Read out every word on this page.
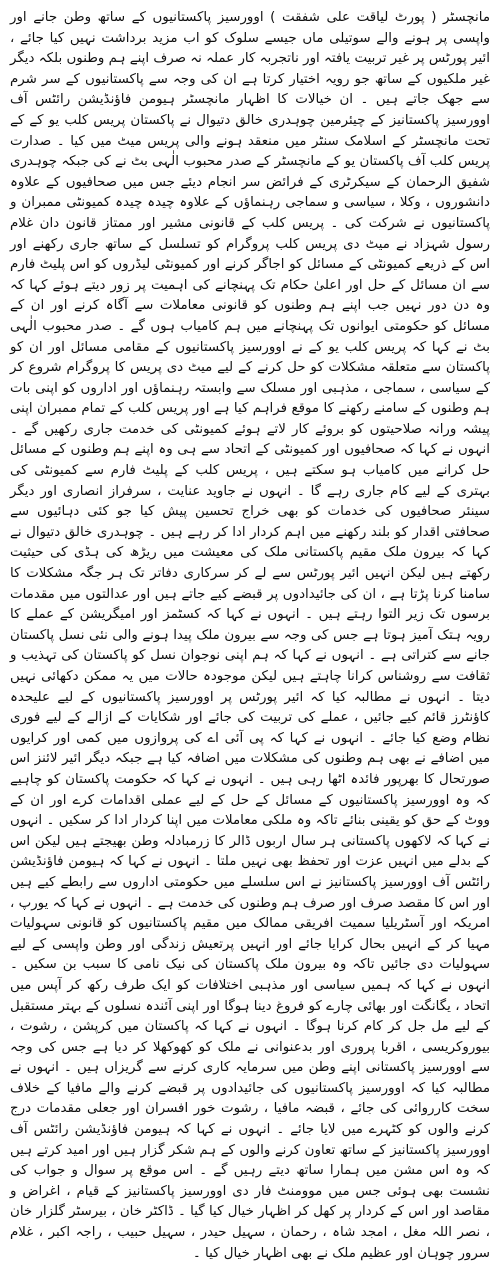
مانچسٹر ( پورٹ لیاقت علی شفقت ) اوورسیز پاکستانیوں کے ساتھ وطن جانے اور واپسی پر ہونے والے سوتیلی ماں جیسے سلوک کو اب مزید برداشت نہیں کیا جائے ، ائیر پورٹس پر غیر تربیت یافتہ اور ناتجربہ کار عملہ نہ صرف اپنے ہم وطنوں بلکہ دیگر غیر ملکیوں کے ساتھ جو رویہ اختیار کرتا ہے ان کی وجہ سے پاکستانیوں کے سر شرم سے جھک جاتے ہیں ۔ ان خیالات کا اظہار مانچسٹر ہیومن فاؤنڈیشن رائٹس آف اوورسیز پاکستانیز کے چیئرمین چوہدری خالق دتیوال نے پاکستان پریس کلب یو کے کے تحت مانچسٹر کے اسلامک سنٹر میں منعقد ہونے والی پریس میٹ میں کیا ۔ صدارت پریس کلب آف پاکستان یو کے مانچسٹر کے صدر محبوب الٰہی بٹ نے کی جبکہ چوہدری شفیق الرحمان کے سیکرٹری کے فرائض سر انجام دیئے جس میں صحافیوں کے علاوہ دانشوروں ، وکلا ، سیاسی و سماجی رہنماؤں کے علاوہ چیدہ چیدہ کمیونٹی ممبران و پاکستانیوں نے شرکت کی ۔ پریس کلب کے قانونی مشیر اور ممتاز قانون دان غلام رسول شہزاد نے میٹ دی پریس کلب پروگرام کو تسلسل کے ساتھ جاری رکھنے اور اس کے ذریعے کمیونٹی کے مسائل کو اجاگر کرنے اور کمیونٹی لیڈروں کو اس پلیٹ فارم سے ان مسائل کے حل اور اعلیٰ حکام تک پہنچانے کی اہمیت پر زور دیتے ہوئے کہا کہ وہ دن دور نہیں جب اپنے ہم وطنوں کو قانونی معاملات سے آگاہ کرنے اور ان کے مسائل کو حکومتی ایوانوں تک پہنچانے میں ہم کامیاب ہوں گے ۔ صدر محبوب الٰہی بٹ نے کہا کہ پریس کلب یو کے نے اوورسیز پاکستانیوں کے مقامی مسائل اور ان کو پاکستان سے متعلقہ مشکلات کو حل کرنے کے لیے میٹ دی پریس کا پروگرام شروع کر کے سیاسی ، سماجی ، مذہبی اور مسلک سے وابستہ رہنماؤں اور اداروں کو اپنی بات ہم وطنوں کے سامنے رکھنے کا موقع فراہم کیا ہے اور پریس کلب کے تمام ممبران اپنی پیشہ ورانہ صلاحیتوں کو بروئے کار لاتے ہوئے کمیونٹی کی خدمت جاری رکھیں گے ۔ انہوں نے کہا کہ صحافیوں اور کمیونٹی کے اتحاد سے ہی وہ اپنے ہم وطنوں کے مسائل حل کرانے میں کامیاب ہو سکتے ہیں ، پریس کلب کے پلیٹ فارم سے کمیونٹی کی بہتری کے لیے کام جاری رہے گا ۔ انہوں نے جاوید عنایت ، سرفراز انصاری اور دیگر سینئر صحافیوں کی خدمات کو بھی خراج تحسین پیش کیا جو کئی دہائیوں سے صحافتی اقدار کو بلند رکھنے میں اہم کردار ادا کر رہے ہیں ۔ چوہدری خالق دتیوال نے کہا کہ بیرون ملک مقیم پاکستانی ملک کی معیشت میں ریڑھ کی ہڈی کی حیثیت رکھتے ہیں لیکن انہیں ائیر پورٹس سے لے کر سرکاری دفاتر تک ہر جگہ مشکلات کا سامنا کرنا پڑتا ہے ، ان کی جائیدادوں پر قبضے کیے جاتے ہیں اور عدالتوں میں مقدمات برسوں تک زیر التوا رہتے ہیں ۔ انہوں نے کہا کہ کسٹمز اور امیگریشن کے عملے کا رویہ ہتک آمیز ہوتا ہے جس کی وجہ سے بیرون ملک پیدا ہونے والی نئی نسل پاکستان جانے سے کتراتی ہے ۔ انہوں نے کہا کہ ہم اپنی نوجوان نسل کو پاکستان کی تہذیب و ثقافت سے روشناس کرانا چاہتے ہیں لیکن موجودہ حالات میں یہ ممکن دکھائی نہیں دیتا ۔ انہوں نے مطالبہ کیا کہ ائیر پورٹس پر اوورسیز پاکستانیوں کے لیے علیحدہ کاؤنٹرز قائم کیے جائیں ، عملے کی تربیت کی جائے اور شکایات کے ازالے کے لیے فوری نظام وضع کیا جائے ۔ انہوں نے کہا کہ پی آئی اے کی پروازوں میں کمی اور کرایوں میں اضافے نے بھی ہم وطنوں کی مشکلات میں اضافہ کیا ہے جبکہ دیگر ائیر لائنز اس صورتحال کا بھرپور فائدہ اٹھا رہی ہیں ۔ انہوں نے کہا کہ حکومت پاکستان کو چاہیے کہ وہ اوورسیز پاکستانیوں کے مسائل کے حل کے لیے عملی اقدامات کرے اور ان کے ووٹ کے حق کو یقینی بنائے تاکہ وہ ملکی معاملات میں اپنا کردار ادا کر سکیں ۔ انہوں نے کہا کہ لاکھوں پاکستانی ہر سال اربوں ڈالر کا زرمبادلہ وطن بھیجتے ہیں لیکن اس کے بدلے میں انہیں عزت اور تحفظ بھی نہیں ملتا ۔ انہوں نے کہا کہ ہیومن فاؤنڈیشن رائٹس آف اوورسیز پاکستانیز نے اس سلسلے میں حکومتی اداروں سے رابطے کیے ہیں اور اس کا مقصد صرف اور صرف ہم وطنوں کی خدمت ہے ۔ انہوں نے کہا کہ یورپ ، امریکہ اور آسٹریلیا سمیت افریقی ممالک میں مقیم پاکستانیوں کو قانونی سہولیات مہیا کر کے انہیں بحال کرایا جائے اور انہیں پرتعیش زندگی اور وطن واپسی کے لیے سہولیات دی جائیں تاکہ وہ بیرون ملک پاکستان کی نیک نامی کا سبب بن سکیں ۔ انہوں نے کہا کہ ہمیں سیاسی اور مذہبی اختلافات کو ایک طرف رکھ کر آپس میں اتحاد ، یگانگت اور بھائی چارے کو فروغ دینا ہوگا اور اپنی آئندہ نسلوں کے بہتر مستقبل کے لیے مل جل کر کام کرنا ہوگا ۔ انہوں نے کہا کہ پاکستان میں کرپشن ، رشوت ، بیوروکریسی ، اقربا پروری اور بدعنوانی نے ملک کو کھوکھلا کر دیا ہے جس کی وجہ سے اوورسیز پاکستانی اپنے وطن میں سرمایہ کاری کرنے سے گریزاں ہیں ۔ انہوں نے مطالبہ کیا کہ اوورسیز پاکستانیوں کی جائیدادوں پر قبضے کرنے والے مافیا کے خلاف سخت کارروائی کی جائے ، قبضہ مافیا ، رشوت خور افسران اور جعلی مقدمات درج کرنے والوں کو کٹہرے میں لایا جائے ۔ انہوں نے کہا کہ ہیومن فاؤنڈیشن رائٹس آف اوورسیز پاکستانیز کے ساتھ تعاون کرنے والوں کے ہم شکر گزار ہیں اور امید کرتے ہیں کہ وہ اس مشن میں ہمارا ساتھ دیتے رہیں گے ۔ اس موقع پر سوال و جواب کی نشست بھی ہوئی جس میں موومنٹ فار دی اوورسیز پاکستانیز کے قیام ، اغراض و مقاصد اور اس کے کردار پر کھل کر اظہار خیال کیا گیا ۔ ڈاکٹر خان ، بیرسٹر گلزار خان ، نصر اللہ مغل ، امجد شاہ ، رحمان ، سہیل حیدر ، سہیل حبیب ، راجہ اکبر ، غلام سرور چوہان اور عظیم ملک نے بھی اظہار خیال کیا ۔
